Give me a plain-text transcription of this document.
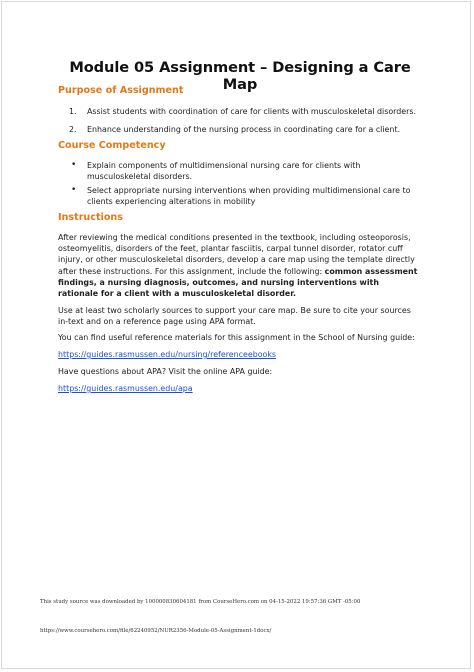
Module 05 Assignment – Designing a Care Map
Purpose of Assignment
1. Assist students with coordination of care for clients with musculoskeletal disorders.
2. Enhance understanding of the nursing process in coordinating care for a client.
Course Competency
• Explain components of multidimensional nursing care for clients with musculoskeletal disorders.
• Select appropriate nursing interventions when providing multidimensional care to clients experiencing alterations in mobility
Instructions

After reviewing the medical conditions presented in the textbook, including osteoporosis, osteomyelitis, disorders of the feet, plantar fasciitis, carpal tunnel disorder, rotator cuff injury, or other musculoskeletal disorders, develop a care map using the template directly after these instructions. For this assignment, include the following: common assessment findings, a nursing diagnosis, outcomes, and nursing interventions with rationale for a client with a musculoskeletal disorder.

Use at least two scholarly sources to support your care map. Be sure to cite your sources in-text and on a reference page using APA format.

You can find useful reference materials for this assignment in the School of Nursing guide:

https://guides.rasmussen.edu/nursing/referenceebooks

Have questions about APA? Visit the online APA guide:

https://guides.rasmussen.edu/apa

This study source was downloaded by 100000830604181 from CourseHero.com on 04-15-2022 19:57:36 GMT -05:00
https://www.coursehero.com/file/62240952/NUR2356-Module-05-Assignment-1docx/
